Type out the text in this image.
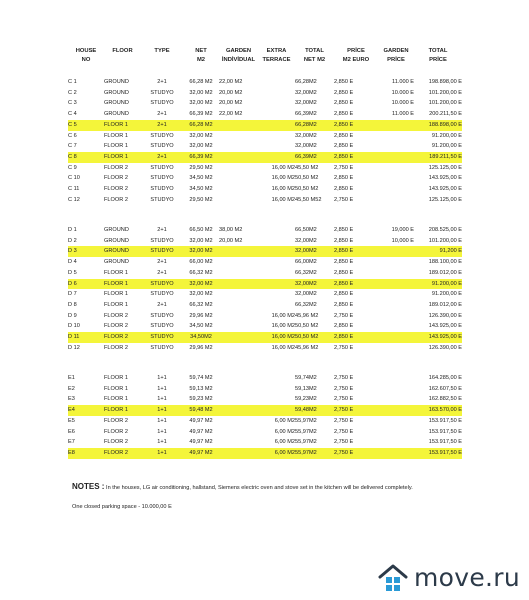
HOUSE	FLOOR	TYPE	NET	GARDEN	EXTRA	TOTAL	PRİCE	GARDEN	TOTAL
NO			M2	İNDİVİDUAL	TERRACE	NET M2	M2 EURO	PRİCE	PRİCE
C 1	GROUND	2+1	66,28 M2	22,00 M2		66,28M2	2,850 E	11.000 E	198.898,00 E
C 2	GROUND	STUDYO	32,00 M2	20,00 M2		32,00M2	2,850 E	10.000 E	101.200,00 E
C 3	GROUND	STUDYO	32,00 M2	20,00 M2		32,00M2	2,850 E	10.000 E	101.200,00 E
C 4	GROUND	2+1	66,39 M2	22,00 M2		66,39M2	2,850 E	11.000 E	200.211,50 E
C 5	FLOOR 1	2+1	66,28 M2			66,28M2	2,850 E		188.898,00 E
C 6	FLOOR 1	STUDYO	32,00 M2			32,00M2	2,850 E		91.200,00 E
C 7	FLOOR 1	STUDYO	32,00 M2			32,00M2	2,850 E		91.200,00 E
C 8	FLOOR 1	2+1	66,39 M2			66,39M2	2,850 E		189.211,50 E
C 9	FLOOR 2	STUDYO	29,50 M2		16,00 M2	45,50 M2	2,750 E		125.125,00 E
C 10	FLOOR 2	STUDYO	34,50 M2		16,00 M2	50,50 M2	2,850 E		143.925,00 E
C 11	FLOOR 2	STUDYO	34,50 M2		16,00 M2	50,50 M2	2,850 E		143.925,00 E
C 12	FLOOR 2	STUDYO	29,50 M2		16,00 M2	45,50 M52	2,750 E		125.125,00 E
D 1	GROUND	2+1	66,50 M2	38,00 M2		66,50M2	2,850 E	19,000 E	208.525,00 E
D 2	GROUND	STUDYO	32,00 M2	20,00 M2		32,00M2	2,850 E	10,000 E	101.200,00 E
D 3	GROUND	STUDYO	32,00 M2			32,00M2	2,850 E		91,200 E
D 4	GROUND	2+1	66,00 M2			66,00M2	2,850 E		188.100,00 E
D 5	FLOOR 1	2+1	66,32 M2			66,32M2	2,850 E		189.012,00 E
D 6	FLOOR 1	STUDYO	32,00 M2			32,00M2	2,850 E		91.200,00 E
D 7	FLOOR 1	STUDYO	32,00 M2			32,00M2	2,850 E		91.200,00 E
D 8	FLOOR 1	2+1	66,32 M2			66,32M2	2,850 E		189.012,00 E
D 9	FLOOR 2	STUDYO	29,96 M2		16,00 M2	45,96 M2	2,750 E		126.390,00 E
D 10	FLOOR 2	STUDYO	34,50 M2		16,00 M2	50,50 M2	2,850 E		143.925,00 E
D 11	FLOOR 2	STUDYO	34,50M2		16,00 M2	50,50 M2	2,850 E		143.925,00 E
D 12	FLOOR 2	STUDYO	29,96 M2		16,00 M2	45,96 M2	2,750 E		126.390,00 E
E1	FLOOR 1	1+1	59,74 M2			59,74M2	2,750 E		164.285,00 E
E2	FLOOR 1	1+1	59,13 M2			59,13M2	2,750 E		162.607,50 E
E3	FLOOR 1	1+1	59,23 M2			59,23M2	2,750 E		162.882,50 E
E4	FLOOR 1	1+1	59,48 M2			59,48M2	2,750 E		163.570,00 E
E5	FLOOR 2	1+1	49,97 M2		6,00 M2	55,97M2	2,750 E		153.917,50 E
E6	FLOOR 2	1+1	49,97 M2		6,00 M2	55,97M2	2,750 E		153.917,50 E
E7	FLOOR 2	1+1	49,97 M2		6,00 M2	55,97M2	2,750 E		153.917,50 E
E8	FLOOR 2	1+1	49,97 M2		6,00 M2	55,97M2	2,750 E		153.917,50 E
NOTES : In the houses, LG air conditioning, hallstand, Siemens electric oven and stove set in the kitchen will be delivered completely.
One closed parking space - 10.000,00 E
move.ru
